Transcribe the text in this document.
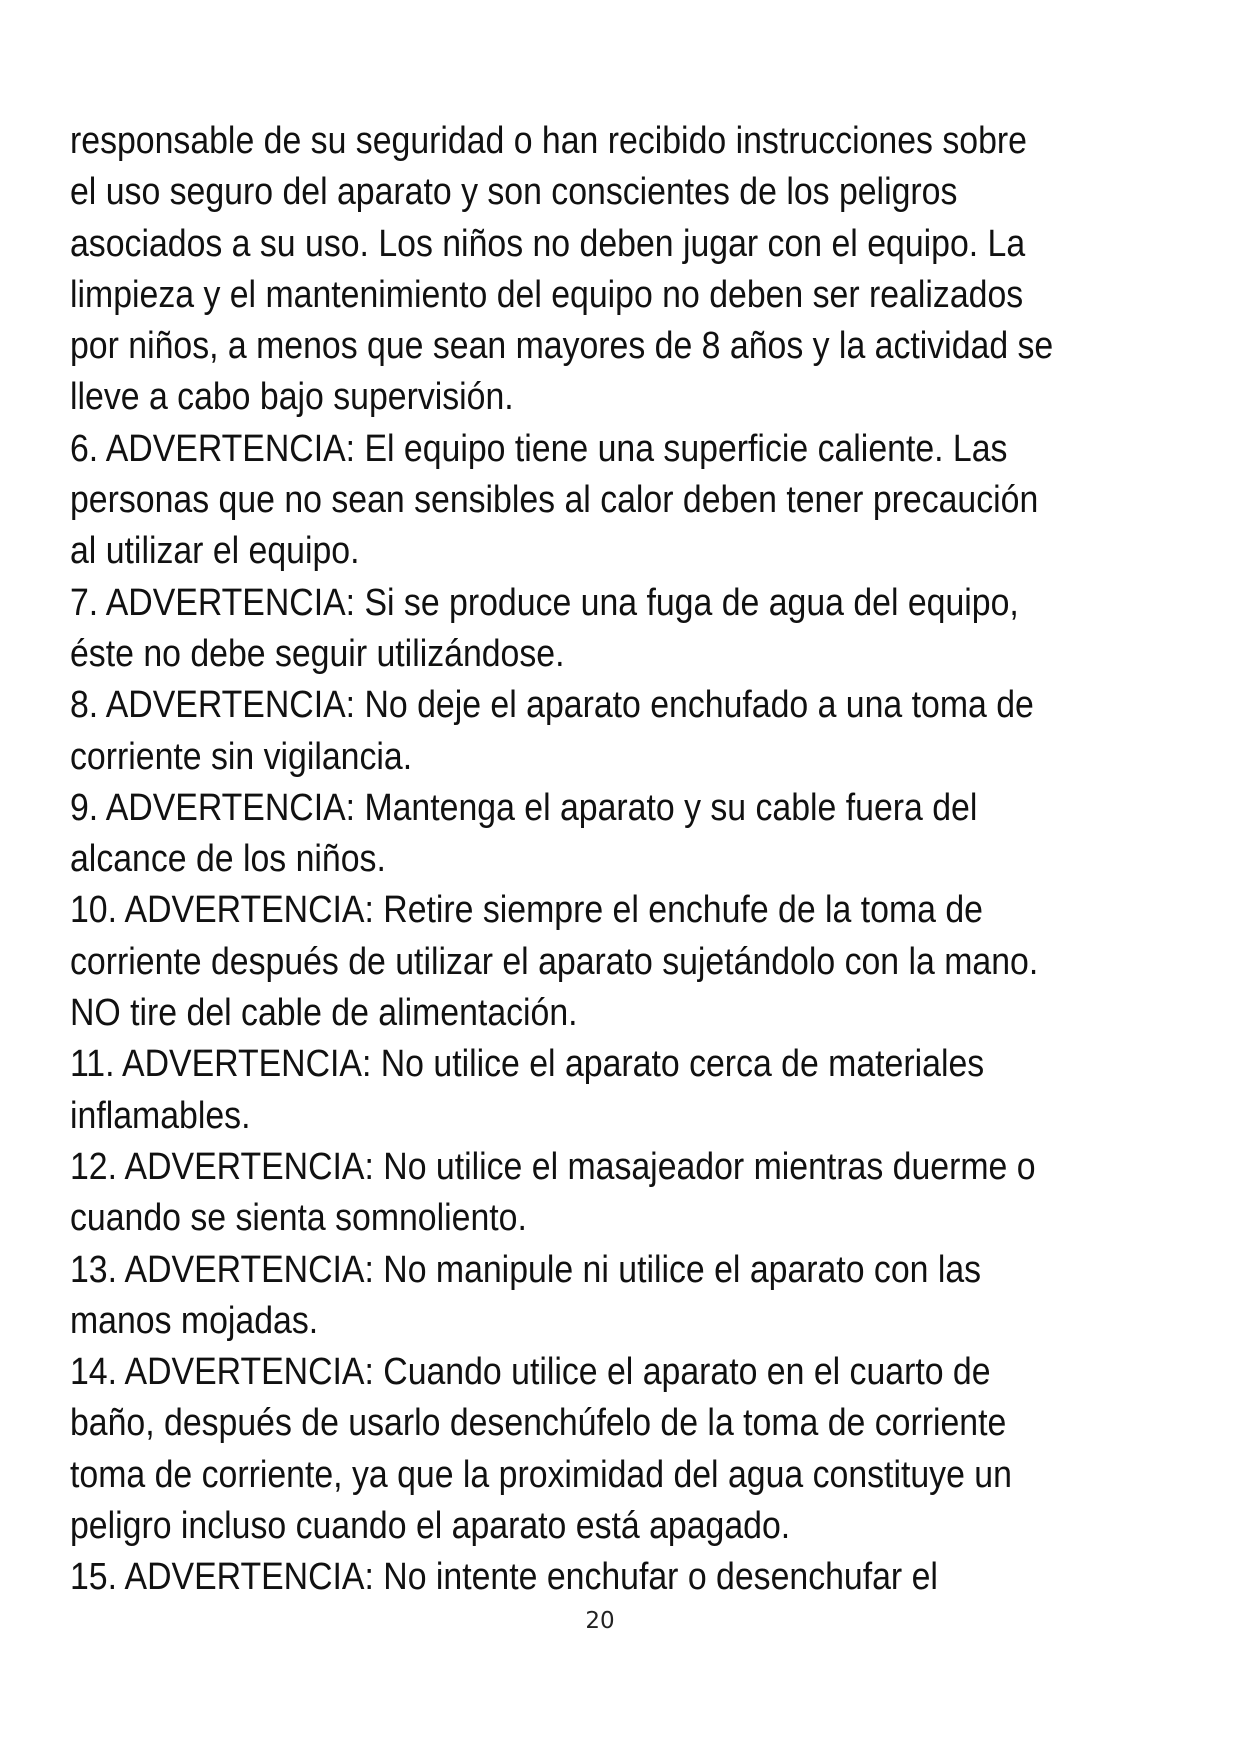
responsable de su seguridad o han recibido instrucciones sobre
el uso seguro del aparato y son conscientes de los peligros
asociados a su uso. Los niños no deben jugar con el equipo. La
limpieza y el mantenimiento del equipo no deben ser realizados
por niños, a menos que sean mayores de 8 años y la actividad se
lleve a cabo bajo supervisión.
6. ADVERTENCIA: El equipo tiene una superficie caliente. Las
personas que no sean sensibles al calor deben tener precaución
al utilizar el equipo.
7. ADVERTENCIA: Si se produce una fuga de agua del equipo,
éste no debe seguir utilizándose.
8. ADVERTENCIA: No deje el aparato enchufado a una toma de
corriente sin vigilancia.
9. ADVERTENCIA: Mantenga el aparato y su cable fuera del
alcance de los niños.
10. ADVERTENCIA: Retire siempre el enchufe de la toma de
corriente después de utilizar el aparato sujetándolo con la mano.
NO tire del cable de alimentación.
11. ADVERTENCIA: No utilice el aparato cerca de materiales
inflamables.
12. ADVERTENCIA: No utilice el masajeador mientras duerme o
cuando se sienta somnoliento.
13. ADVERTENCIA: No manipule ni utilice el aparato con las
manos mojadas.
14. ADVERTENCIA: Cuando utilice el aparato en el cuarto de
baño, después de usarlo desenchúfelo de la toma de corriente
toma de corriente, ya que la proximidad del agua constituye un
peligro incluso cuando el aparato está apagado.
15. ADVERTENCIA: No intente enchufar o desenchufar el
20
